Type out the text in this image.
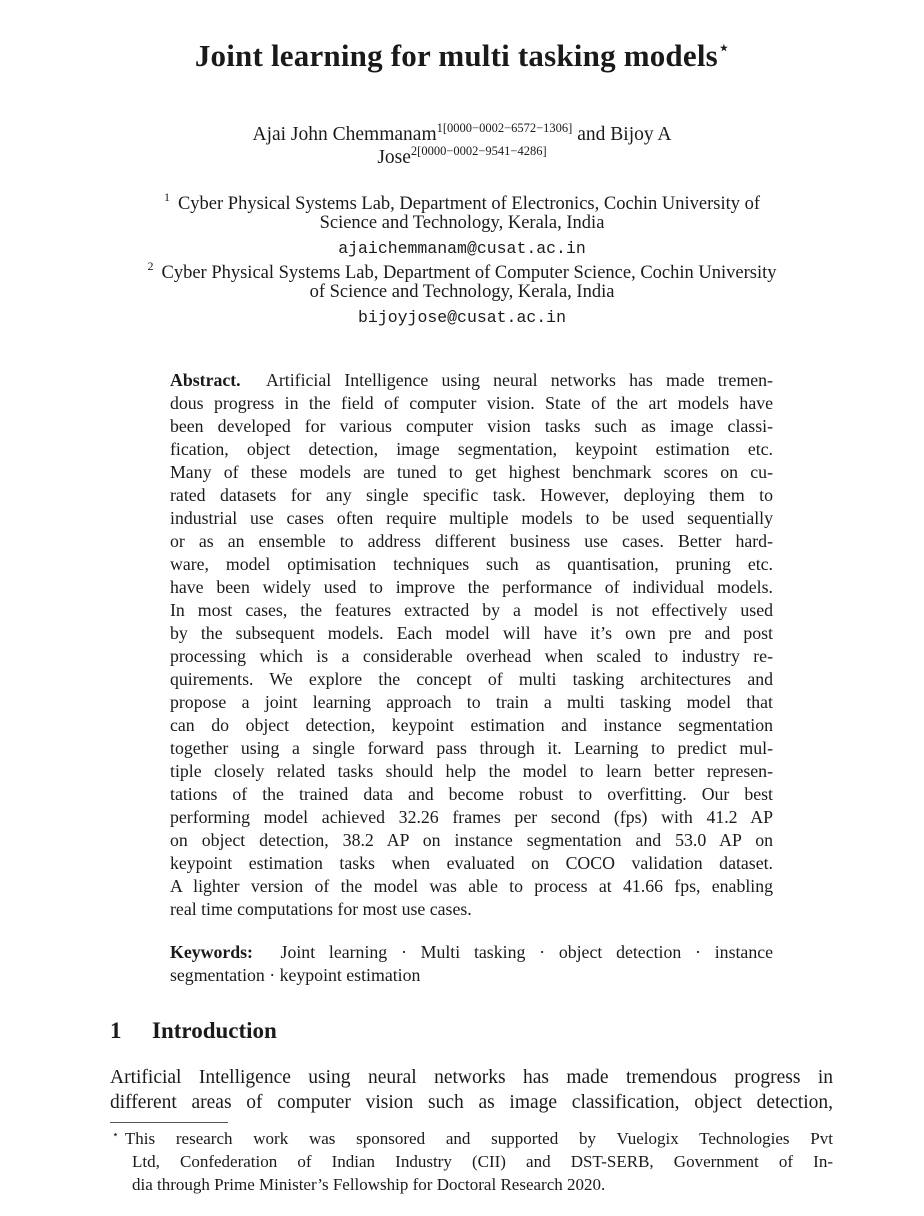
Joint learning for multi tasking models⋆
Ajai John Chemmanam$^{1[0000-0002-6572-1306]}$ and Bijoy A
Jose$^{2[0000-0002-9541-4286]}$
$^1$ Cyber Physical Systems Lab, Department of Electronics, Cochin University of
Science and Technology, Kerala, India
ajaichemmanam@cusat.ac.in
$^2$ Cyber Physical Systems Lab, Department of Computer Science, Cochin University
of Science and Technology, Kerala, India
bijoyjose@cusat.ac.in
Abstract. Artificial Intelligence using neural networks has made tremen-
dous progress in the field of computer vision. State of the art models have
been developed for various computer vision tasks such as image classi-
fication, object detection, image segmentation, keypoint estimation etc.
Many of these models are tuned to get highest benchmark scores on cu-
rated datasets for any single specific task. However, deploying them to
industrial use cases often require multiple models to be used sequentially
or as an ensemble to address different business use cases. Better hard-
ware, model optimisation techniques such as quantisation, pruning etc.
have been widely used to improve the performance of individual models.
In most cases, the features extracted by a model is not effectively used
by the subsequent models. Each model will have it’s own pre and post
processing which is a considerable overhead when scaled to industry re-
quirements. We explore the concept of multi tasking architectures and
propose a joint learning approach to train a multi tasking model that
can do object detection, keypoint estimation and instance segmentation
together using a single forward pass through it. Learning to predict mul-
tiple closely related tasks should help the model to learn better represen-
tations of the trained data and become robust to overfitting. Our best
performing model achieved 32.26 frames per second (fps) with 41.2 AP
on object detection, 38.2 AP on instance segmentation and 53.0 AP on
keypoint estimation tasks when evaluated on COCO validation dataset.
A lighter version of the model was able to process at 41.66 fps, enabling
real time computations for most use cases.
Keywords: Joint learning · Multi tasking · object detection · instance
segmentation · keypoint estimation
1 Introduction
Artificial Intelligence using neural networks has made tremendous progress in
different areas of computer vision such as image classification, object detection,
⋆ This research work was sponsored and supported by Vuelogix Technologies Pvt
Ltd, Confederation of Indian Industry (CII) and DST-SERB, Government of In-
dia through Prime Minister’s Fellowship for Doctoral Research 2020.
